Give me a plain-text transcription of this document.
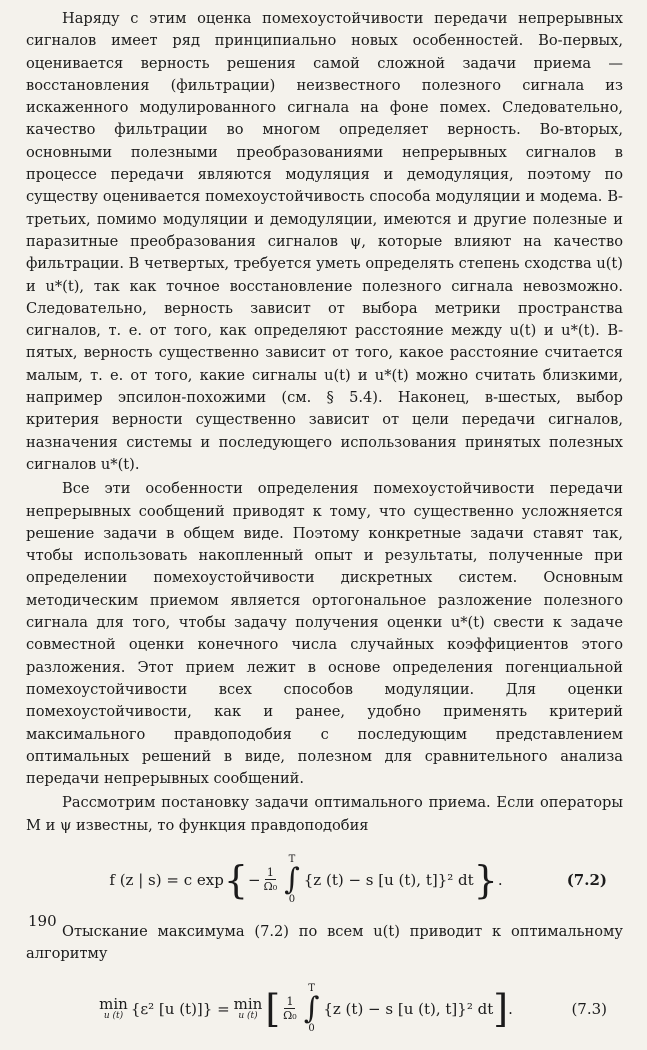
Наряду с этим оценка помехоустойчивости передачи непрерывных сигналов имеет ряд принципиально новых особенностей. Во-первых, оценивается верность решения самой сложной задачи приема — восстановления (фильтрации) неизвестного полезного сигнала из искаженного модулированного сигнала на фоне помех. Следовательно, качество фильтрации во многом определяет верность. Во-вторых, основными полезными преобразованиями непрерывных сигналов в процессе передачи являются модуляция и демодуляция, поэтому по существу оценивается помехоустойчивость способа модуляции и модема. В-третьих, помимо модуляции и демодуляции, имеются и другие полезные и паразитные преобразования сигналов ψ, которые влияют на качество фильтрации. В четвертых, требуется уметь определять степень сходства u(t) и u*(t), так как точное восстановление полезного сигнала невозможно. Следовательно, верность зависит от выбора метрики пространства сигналов, т. е. от того, как определяют расстояние между u(t) и u*(t). В-пятых, верность существенно зависит от того, какое расстояние считается малым, т. е. от того, какие сигналы u(t) и u*(t) можно считать близкими, например эпсилон-похожими (см. § 5.4). Наконец, в-шестых, выбор критерия верности существенно зависит от цели передачи сигналов, назначения системы и последующего использования принятых полезных сигналов u*(t).

Все эти особенности определения помехоустойчивости передачи непрерывных сообщений приводят к тому, что существенно усложняется решение задачи в общем виде. Поэтому конкретные задачи ставят так, чтобы использовать накопленный опыт и результаты, полученные при определении помехоустойчивости дискретных систем. Основным методическим приемом является ортогональное разложение полезного сигнала для того, чтобы задачу получения оценки u*(t) свести к задаче совместной оценки конечного числа случайных коэффициентов этого разложения. Этот прием лежит в основе определения погенциальной помехоустойчивости всех способов модуляции. Для оценки помехоустойчивости, как и ранее, удобно применять критерий максимального правдоподобия с последующим представлением оптимальных решений в виде, полезном для сравнительного анализа передачи непрерывных сообщений.

Рассмотрим постановку задачи оптимального приема. Если операторы M и ψ известны, то функция правдоподобия

f (z | s) = c exp { − $\frac{1}{\text{Ω₀}}$
T
∫
0
{z (t) − s [u (t), t]}² dt } .	(7.2)

Отыскание максимума (7.2) по всем u(t) приводит к оптимальному алгоритму

min
u (t) {ε² [u (t)]} = min
u (t) [ $\frac{1}{\text{Ω₀}}$
T
∫
0
{z (t) − s [u (t), t]}² dt ] .	(7.3)
190
